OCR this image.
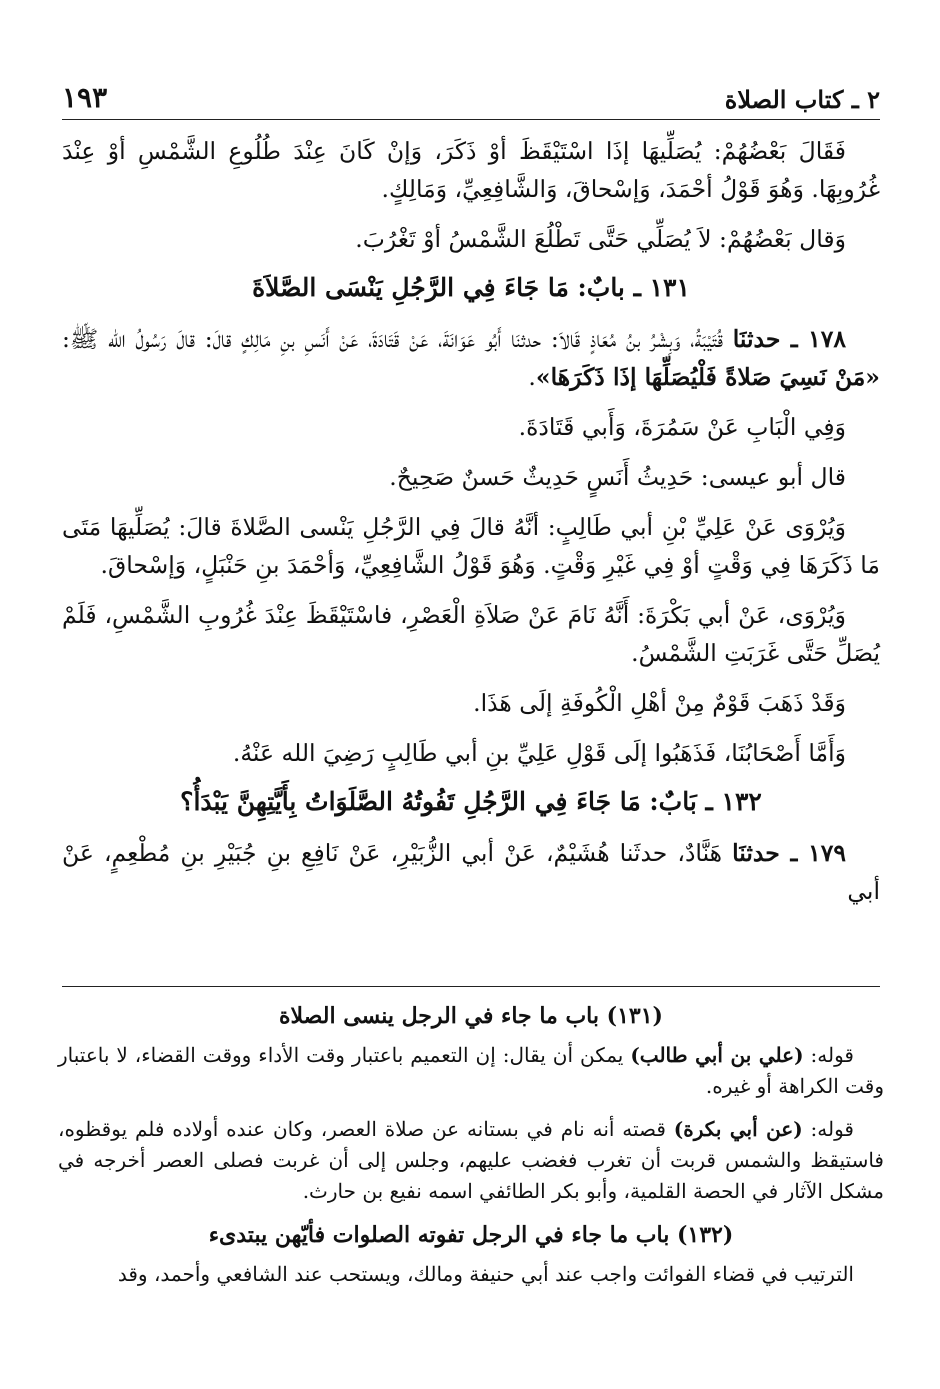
٢ ـ كتاب الصلاة
١٩٣

فَقَالَ بَعْضُهُمْ: يُصَلِّيهَا إذَا اسْتَيْقَظَ أوْ ذَكَرَ، وَإنْ كَانَ عِنْدَ طُلُوعِ الشَّمْسِ أوْ عِنْدَ غُرُوبِهَا. وَهُوَ قَوْلُ أحْمَدَ، وَإسْحاقَ، وَالشَّافِعِيِّ، وَمَالِكٍ.

وَقال بَعْضُهُمْ: لاَ يُصَلِّي حَتَّى تَطْلُعَ الشَّمْسُ أوْ تَغْرُبَ.

١٣١ ـ بابٌ: مَا جَاءَ فِي الرَّجُلِ يَنْسَى الصَّلاَةَ

١٧٨ ـ حدثنَا قُتَيْبَةُ، وَبِشْرُ بنُ مُعَاذٍ قَالاَ: حدثنَا أَبُو عَوَانَةَ، عَنْ قَتَادَةَ، عَنْ أَنَسِ بنِ مَالِكٍ قالَ: قالَ رَسُولُ الله ﷺ: «مَنْ نَسِيَ صَلاةً فَلْيُصَلِّهَا إذَا ذَكَرَهَا».

وَفِي الْبَابِ عَنْ سَمُرَةَ، وَأَبي قَتَادَةَ.

قال أبو عيسى: حَدِيثُ أَنَسٍ حَدِيثٌ حَسنٌ صَحِيحٌ.

وَيُرْوَى عَنْ عَلِيِّ بْنِ أبي طَالِبٍ: أنَّهُ قالَ فِي الرَّجُلِ يَنْسى الصَّلاةَ قالَ: يُصَلِّيهَا مَتَى مَا ذَكَرَهَا فِي وَقْتٍ أوْ فِي غَيْرِ وَقْتٍ. وَهُوَ قَوْلُ الشَّافِعِيِّ، وَأحْمَدَ بنِ حَنْبَلٍ، وَإسْحاقَ.

وَيُرْوَى، عَنْ أبي بَكْرَةَ: أَنَّهُ نَامَ عَنْ صَلاَةِ الْعَصْرِ، فاسْتَيْقَظَ عِنْدَ غُرُوبِ الشَّمْسِ، فَلَمْ يُصَلِّ حَتَّى غَرَبَتِ الشَّمْسُ.

وَقَدْ ذَهَبَ قَوْمٌ مِنْ أهْلِ الْكُوفَةِ إلَى هَذَا.

وَأَمَّا أَصْحَابُنَا، فَذَهَبُوا إلَى قَوْلِ عَلِيِّ بنِ أبي طَالِبٍ رَضِيَ الله عَنْهُ.

١٣٢ ـ بَابٌ: مَا جَاءَ فِي الرَّجُلِ تَفُوتُهُ الصَّلَوَاتُ بِأَيَّتِهِنَّ يَبْدَأُ؟

١٧٩ ـ حدثنَا هَنَّادٌ، حدثَنا هُشَيْمٌ، عَنْ أبي الزُّبَيْرِ، عَنْ نَافِعِ بنِ جُبَيْرِ بنِ مُطْعِمٍ، عَنْ أبي

(١٣١) باب ما جاء في الرجل ينسى الصلاة

قوله: (علي بن أبي طالب) يمكن أن يقال: إن التعميم باعتبار وقت الأداء ووقت القضاء، لا باعتبار وقت الكراهة أو غيره.

قوله: (عن أبي بكرة) قصته أنه نام في بستانه عن صلاة العصر، وكان عنده أولاده فلم يوقظوه، فاستيقظ والشمس قربت أن تغرب فغضب عليهم، وجلس إلى أن غربت فصلى العصر أخرجه في مشكل الآثار في الحصة القلمية، وأبو بكر الطائفي اسمه نفيع بن حارث.

(١٣٢) باب ما جاء في الرجل تفوته الصلوات فأيّهن يبتدىء

الترتيب في قضاء الفوائت واجب عند أبي حنيفة ومالك، ويستحب عند الشافعي وأحمد، وقد
